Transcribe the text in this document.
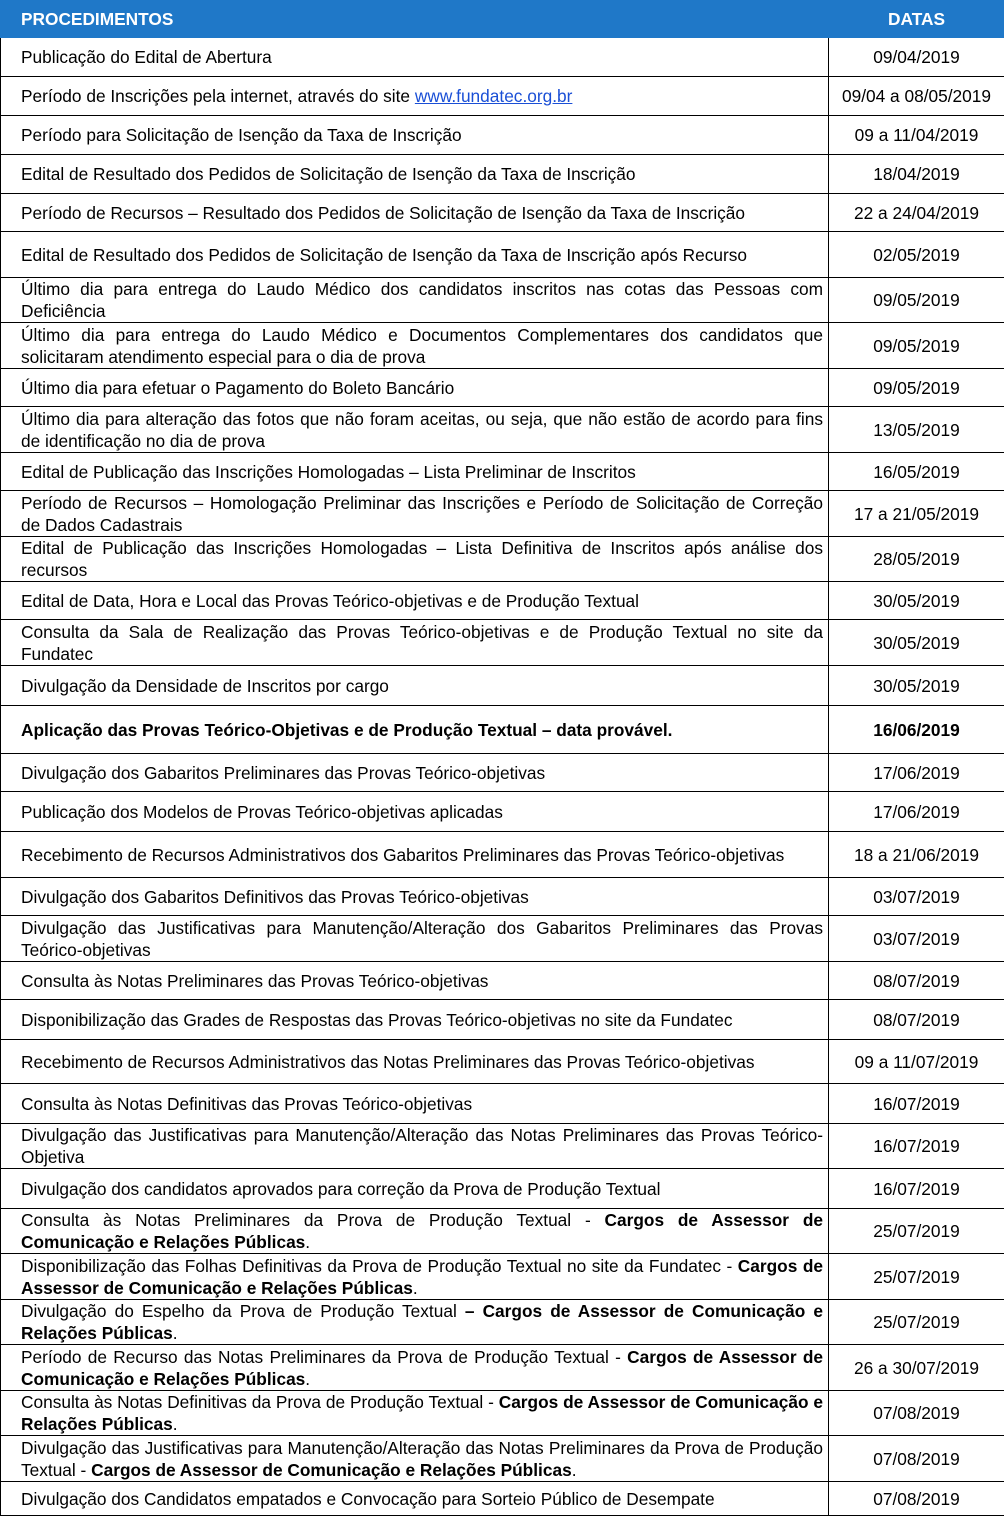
PROCEDIMENTOS	DATAS
Publicação do Edital de Abertura	09/04/2019
Período de Inscrições pela internet, através do site www.fundatec.org.br	09/04 a 08/05/2019
Período para Solicitação de Isenção da Taxa de Inscrição	09 a 11/04/2019
Edital de Resultado dos Pedidos de Solicitação de Isenção da Taxa de Inscrição	18/04/2019
Período de Recursos – Resultado dos Pedidos de Solicitação de Isenção da Taxa de Inscrição	22 a 24/04/2019
Edital de Resultado dos Pedidos de Solicitação de Isenção da Taxa de Inscrição após Recurso	02/05/2019
Último dia para entrega do Laudo Médico dos candidatos inscritos nas cotas das Pessoas com Deficiência	09/05/2019
Último dia para entrega do Laudo Médico e Documentos Complementares dos candidatos que solicitaram atendimento especial para o dia de prova	09/05/2019
Último dia para efetuar o Pagamento do Boleto Bancário	09/05/2019
Último dia para alteração das fotos que não foram aceitas, ou seja, que não estão de acordo para fins de identificação no dia de prova	13/05/2019
Edital de Publicação das Inscrições Homologadas – Lista Preliminar de Inscritos	16/05/2019
Período de Recursos – Homologação Preliminar das Inscrições e Período de Solicitação de Correção de Dados Cadastrais	17 a 21/05/2019
Edital de Publicação das Inscrições Homologadas – Lista Definitiva de Inscritos após análise dos recursos	28/05/2019
Edital de Data, Hora e Local das Provas Teórico-objetivas e de Produção Textual	30/05/2019
Consulta da Sala de Realização das Provas Teórico-objetivas e de Produção Textual no site da Fundatec	30/05/2019
Divulgação da Densidade de Inscritos por cargo	30/05/2019
Aplicação das Provas Teórico-Objetivas e de Produção Textual – data provável.	16/06/2019
Divulgação dos Gabaritos Preliminares das Provas Teórico-objetivas	17/06/2019
Publicação dos Modelos de Provas Teórico-objetivas aplicadas	17/06/2019
Recebimento de Recursos Administrativos dos Gabaritos Preliminares das Provas Teórico-objetivas	18 a 21/06/2019
Divulgação dos Gabaritos Definitivos das Provas Teórico-objetivas	03/07/2019
Divulgação das Justificativas para Manutenção/Alteração dos Gabaritos Preliminares das Provas Teórico-objetivas	03/07/2019
Consulta às Notas Preliminares das Provas Teórico-objetivas	08/07/2019
Disponibilização das Grades de Respostas das Provas Teórico-objetivas no site da Fundatec	08/07/2019
Recebimento de Recursos Administrativos das Notas Preliminares das Provas Teórico-objetivas	09 a 11/07/2019
Consulta às Notas Definitivas das Provas Teórico-objetivas	16/07/2019
Divulgação das Justificativas para Manutenção/Alteração das Notas Preliminares das Provas Teórico-Objetiva	16/07/2019
Divulgação dos candidatos aprovados para correção da Prova de Produção Textual	16/07/2019
Consulta às Notas Preliminares da Prova de Produção Textual - Cargos de Assessor de Comunicação e Relações Públicas.	25/07/2019
Disponibilização das Folhas Definitivas da Prova de Produção Textual no site da Fundatec - Cargos de Assessor de Comunicação e Relações Públicas.	25/07/2019
Divulgação do Espelho da Prova de Produção Textual – Cargos de Assessor de Comunicação e Relações Públicas.	25/07/2019
Período de Recurso das Notas Preliminares da Prova de Produção Textual - Cargos de Assessor de Comunicação e Relações Públicas.	26 a 30/07/2019
Consulta às Notas Definitivas da Prova de Produção Textual - Cargos de Assessor de Comunicação e Relações Públicas.	07/08/2019
Divulgação das Justificativas para Manutenção/Alteração das Notas Preliminares da Prova de Produção Textual - Cargos de Assessor de Comunicação e Relações Públicas.	07/08/2019
Divulgação dos Candidatos empatados e Convocação para Sorteio Público de Desempate	07/08/2019
